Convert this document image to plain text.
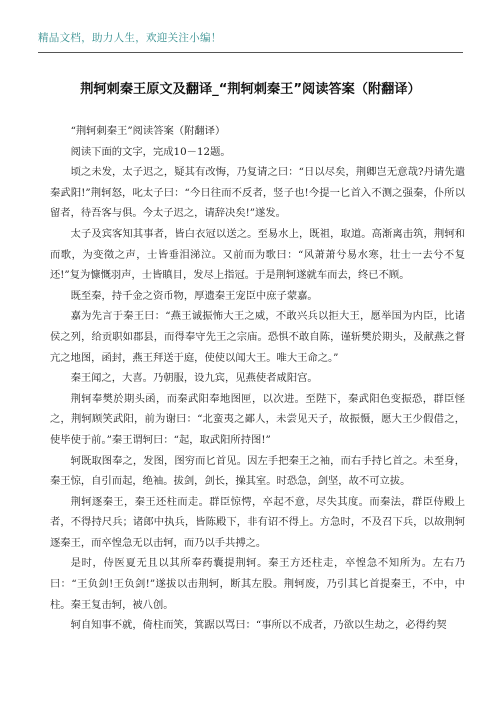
精品文档，助力人生，欢迎关注小编！
荆轲刺秦王原文及翻译_“荆轲刺秦王”阅读答案（附翻译）

“荆轲刺秦王”阅读答案（附翻译）

阅读下面的文字，完成10－12题。

顷之未发，太子迟之，疑其有改悔，乃复请之曰：“日以尽矣，荆卿岂无意哉?丹请先遣秦武阳!”荆轲怒，叱太子曰：“今日往而不反者，竖子也!今提一匕首入不测之强秦，仆所以留者，待吾客与俱。今太子迟之，请辞决矣!”遂发。

太子及宾客知其事者，皆白衣冠以送之。至易水上，既祖，取道。高渐离击筑，荆轲和而歌，为变徵之声，士皆垂泪涕泣。又前而为歌曰：“风萧萧兮易水寒，壮士一去兮不复还!”复为慷慨羽声，士皆瞋目，发尽上指冠。于是荆轲遂就车而去，终已不顾。

既至秦，持千金之资币物，厚遗秦王宠臣中庶子蒙嘉。

嘉为先言于秦王曰：“燕王诚振怖大王之威，不敢兴兵以拒大王，愿举国为内臣，比诸侯之列，给贡职如郡县，而得奉守先王之宗庙。恐惧不敢自陈，谨斩樊於期头，及献燕之督亢之地图，函封，燕王拜送于庭，使使以闻大王。唯大王命之。”

秦王闻之，大喜。乃朝服，设九宾，见燕使者咸阳宫。

荆轲奉樊於期头函，而秦武阳奉地图匣，以次进。至陛下，秦武阳色变振恐，群臣怪之，荆轲顾笑武阳，前为谢曰：“北蛮夷之鄙人，未尝见天子，故振慑，愿大王少假借之，使毕使于前。”秦王谓轲曰：“起，取武阳所持图!”

轲既取图奉之，发图，图穷而匕首见。因左手把秦王之袖，而右手持匕首之。未至身，秦王惊，自引而起，绝袖。拔剑，剑长，操其室。时恐急，剑坚，故不可立拔。

荆轲逐秦王，秦王还柱而走。群臣惊愕，卒起不意，尽失其度。而秦法，群臣侍殿上者，不得持尺兵；诸郎中执兵，皆陈殿下，非有诏不得上。方急时，不及召下兵，以故荆轲逐秦王，而卒惶急无以击轲，而乃以手共搏之。

是时，侍医夏无且以其所奉药囊提荆轲。秦王方还柱走，卒惶急不知所为。左右乃曰：“王负剑!王负剑!”遂拔以击荆轲，断其左股。荆轲废，乃引其匕首提秦王，不中，中柱。秦王复击轲，被八创。

轲自知事不就，倚柱而笑，箕踞以骂曰：“事所以不成者，乃欲以生劫之，必得约契
